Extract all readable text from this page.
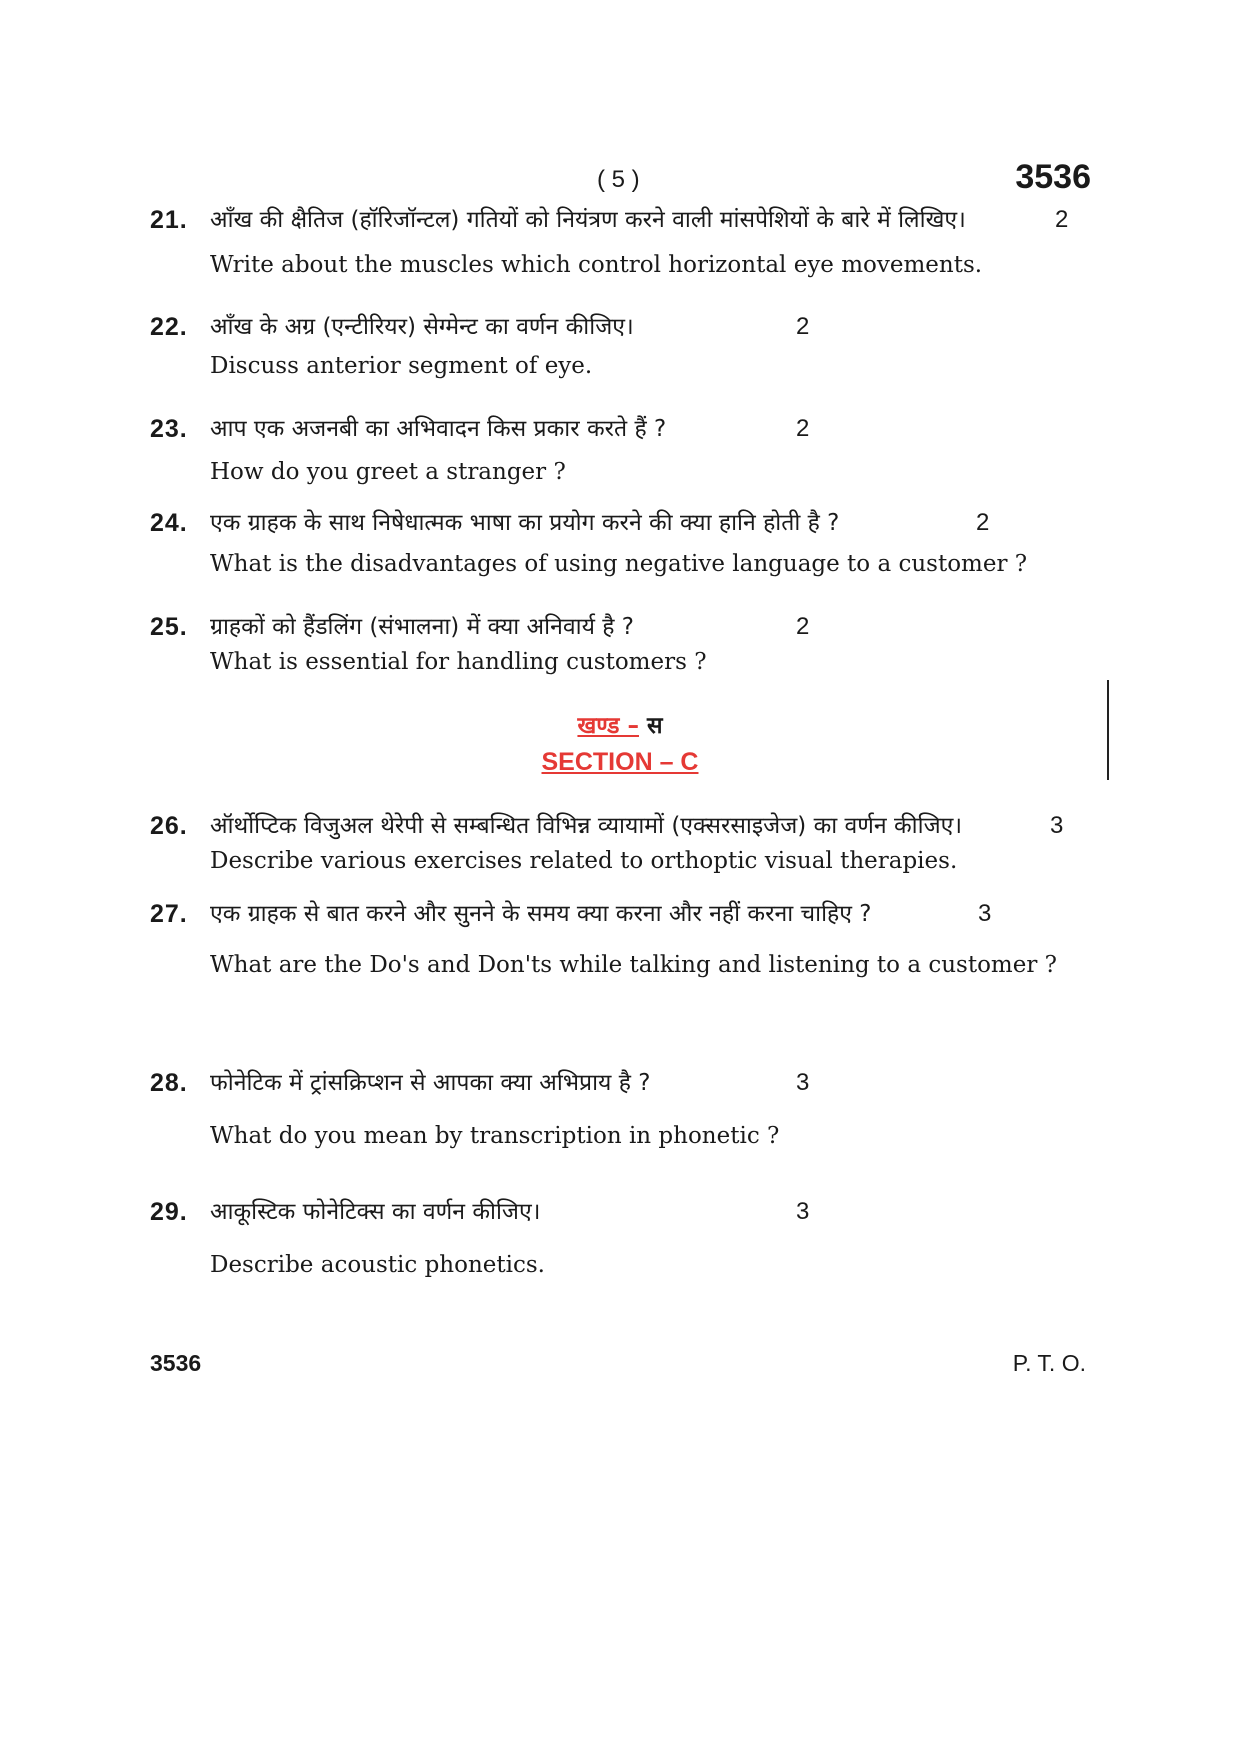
( 5 )	3536
21. आँख की क्षैतिज (हॉरिजॉन्टल) गतियों को नियंत्रण करने वाली मांसपेशियों के बारे में लिखिए।	2
Write about the muscles which control horizontal eye movements.
22. आँख के अग्र (एन्टीरियर) सेग्मेन्ट का वर्णन कीजिए।	2
Discuss anterior segment of eye.
23. आप एक अजनबी का अभिवादन किस प्रकार करते हैं ?	2
How do you greet a stranger ?
24. एक ग्राहक के साथ निषेधात्मक भाषा का प्रयोग करने की क्या हानि होती है ?	2
What is the disadvantages of using negative language to a customer ?
25. ग्राहकों को हैंडलिंग (संभालना) में क्या अनिवार्य है ?	2
What is essential for handling customers ?
खण्ड – स
SECTION – C
26. ऑर्थोप्टिक विजुअल थेरेपी से सम्बन्धित विभिन्न व्यायामों (एक्सरसाइजेज) का वर्णन कीजिए।	3
Describe various exercises related to orthoptic visual therapies.
27. एक ग्राहक से बात करने और सुनने के समय क्या करना और नहीं करना चाहिए ?	3
What are the Do's and Don'ts while talking and listening to a customer ?
28. फोनेटिक में ट्रांसक्रिप्शन से आपका क्या अभिप्राय है ?	3
What do you mean by transcription in phonetic ?
29. आकूस्टिक फोनेटिक्स का वर्णन कीजिए।	3
Describe acoustic phonetics.
3536	P. T. O.
